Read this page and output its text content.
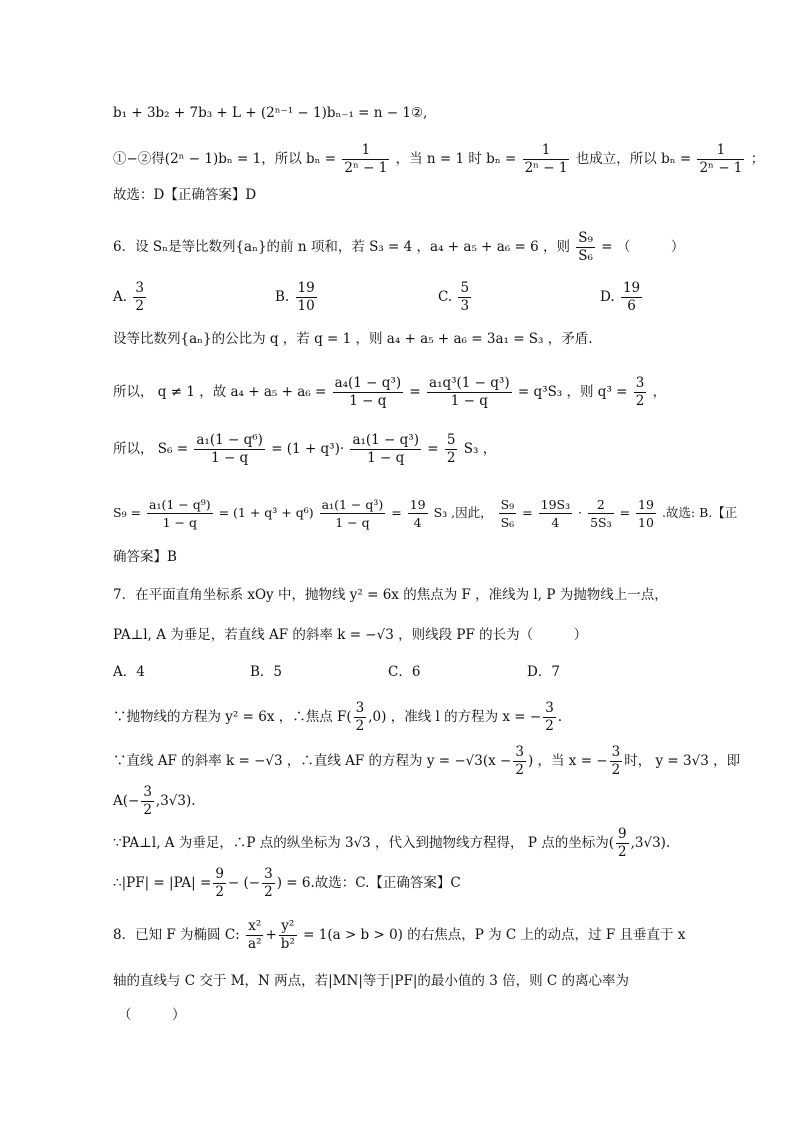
b₁ + 3b₂ + 7b₃ + L + (2ⁿ⁻¹ − 1)bₙ₋₁ = n − 1②,
①−②得(2ⁿ − 1)bₙ = 1，所以 $b_n = \frac{1}{\text{2ⁿ − 1}}$ ，当 n = 1 时 $b_n = \frac{1}{\text{2ⁿ − 1}}$ 也成立，所以 $b_n = \frac{1}{\text{2ⁿ − 1}}$ ；
故选：D【正确答案】D
6．设 Sₙ是等比数列{aₙ}的前 n 项和，若 S₃ = 4 ，a₄ + a₅ + a₆ = 6 ，则 $\frac{\text{S₉}}{\text{S₆}}$ = （　　　）
A. $\frac{3}{2}$	B. $\frac{19}{10}$	C. $\frac{5}{3}$	D. $\frac{19}{6}$
设等比数列{aₙ}的公比为 q ，若 q = 1 ，则 a₄ + a₅ + a₆ = 3a₁ = S₃ ，矛盾.
所以， q ≠ 1 ，故 $a_4 + a_5 + a_6 = \frac{\text{a₄(1 − q³)}}{1 - q} = \frac{\text{a₁q³(1 − q³)}}{1 - q} = q^3S_3$ ，则 $q^3 = \frac{3}{2}$ ，
所以， $S_6 = \frac{\text{a₁(1 − q⁶)}}{1 - q} = (1 + q^3)\cdot \frac{\text{a₁(1 − q³)}}{1 - q} = \frac{5}{2} S_3$ ，
$S_9 = \frac{\text{a₁(1 − q⁹)}}{1 - q} = (1 + q^3 + q^6) \frac{\text{a₁(1 − q³)}}{1 - q} = \frac{19}{4} S_3$ ,因此， $\frac{\text{S₉}}{\text{S₆}} = \frac{\text{19S₃}}{4} \cdot \frac{2}{\text{5S₃}} = \frac{19}{10}$ .故选: B.【正
确答案】B
7．在平面直角坐标系 xOy 中，抛物线 y² = 6x 的焦点为 F ，准线为 l, P 为抛物线上一点，
PA⊥l, A 为垂足，若直线 AF 的斜率 k = −√3 ，则线段 PF 的长为（　　　）
A．4	B．5	C．6	D．7
∵抛物线的方程为 y² = 6x ，∴焦点 $F( \frac{3}{2} ,0)$ ，准线 l 的方程为 x = − $\frac{3}{2}$ .
∵直线 AF 的斜率 k = −√3 ，∴直线 AF 的方程为 $y = -√3(x - \frac{3}{2}$ ) ，当 x = − $\frac{3}{2}$ 时， y = 3√3 ，即
$A(- \frac{3}{2} ,3√3)$.
∵PA⊥l, A 为垂足，∴P 点的纵坐标为 3√3 ，代入到抛物线方程得， P 点的坐标为( $\frac{9}{2} ,3√3$).
∴|PF| = $|PA| = \frac{9}{2}$ − (− $\frac{3}{2}$ ) = 6.故选：C.【正确答案】C
8．已知 F 为椭圆 C: $\frac{\text{x²}}{\text{a²}} + \frac{\text{y²}}{\text{b²}} = 1(a > b > 0)$ 的右焦点，P 为 C 上的动点，过 F 且垂直于 x
轴的直线与 C 交于 M，N 两点，若|MN|等于|PF|的最小值的 3 倍，则 C 的离心率为
（　　　）
